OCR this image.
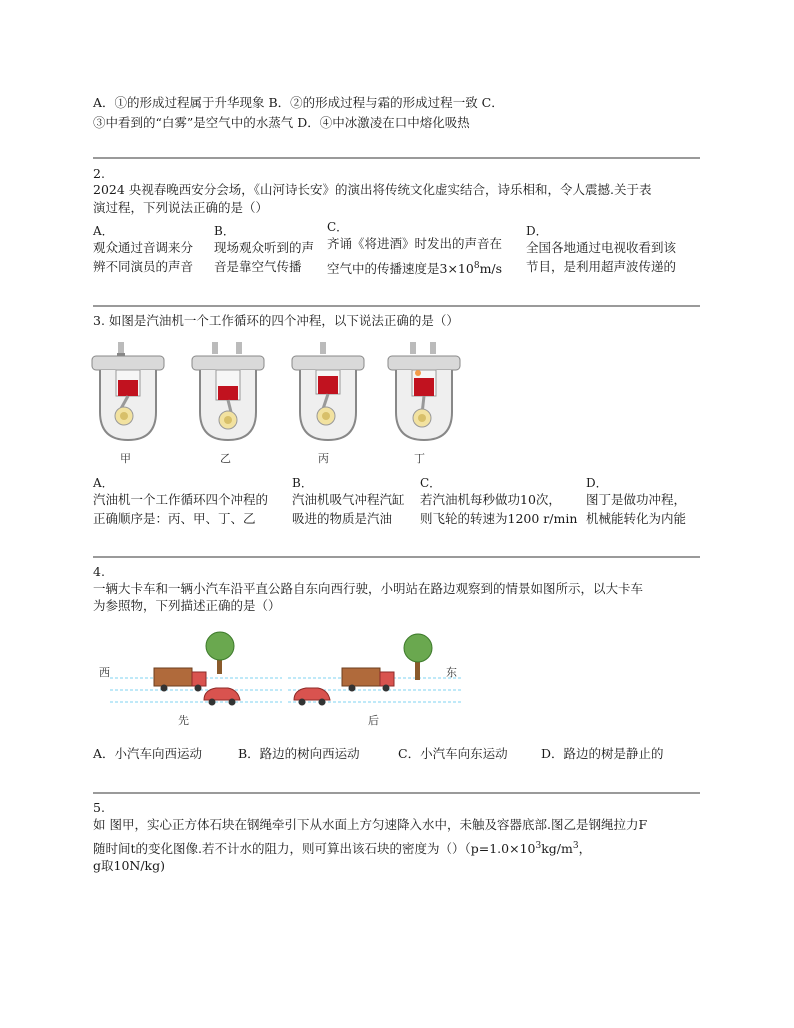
A．①的形成过程属于升华现象 B．②的形成过程与霜的形成过程一致 C．
③中看到的“白雾”是空气中的水蒸气 D．④中冰激凌在口中熔化吸热
2.
2024 央视春晚西安分会场，《山河诗长安》的演出将传统文化虚实结合，诗乐相和，令人震撼.关于表
演过程，下列说法正确的是（）
A．
观众通过音调来分
辨不同演员的声音
B．
现场观众听到的声
音是靠空气传播
C．
齐诵《将进酒》时发出的声音在
空气中的传播速度是$3\times 10^8m/s$
D．
全国各地通过电视收看到该
节目，是利用超声波传递的
3. 如图是汽油机一个工作循环的四个冲程，以下说法正确的是（）
甲	乙	丙	丁
A．
汽油机一个工作循环四个冲程的
正确顺序是：丙、甲、丁、乙
B．
汽油机吸气冲程汽缸
吸进的物质是汽油
C．
若汽油机每秒做功10次，
则飞轮的转速为1200 r/min
D．
图丁是做功冲程，
机械能转化为内能
4.
一辆大卡车和一辆小汽车沿平直公路自东向西行驶，小明站在路边观察到的情景如图所示，以大卡车
为参照物，下列描述正确的是（）
西	东
先	后
A．小汽车向西运动	B．路边的树向西运动	C．小汽车向东运动	D．路边的树是静止的
5.
如 图甲，实心正方体石块在钢绳牵引下从水面上方匀速降入水中，未触及容器底部.图乙是钢绳拉力F
随时间t的变化图像.若不计水的阻力，则可算出该石块的密度为$()(p=1.0\times 10^3kg/m^3$，
g取10N/kg)
